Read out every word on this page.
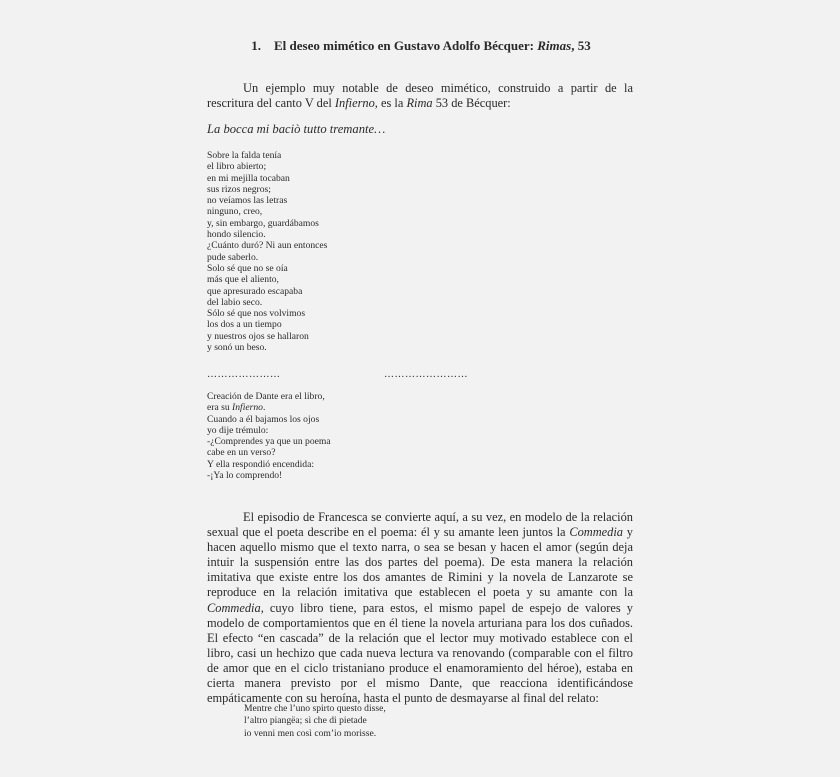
1. El deseo mimético en Gustavo Adolfo Bécquer: Rimas, 53

Un ejemplo muy notable de deseo mimético, construido a partir de la rescritura del canto V del Infierno, es la Rima 53 de Bécquer:

La bocca mi baciò tutto tremante…
Sobre la falda tenía
el libro abierto;
en mi mejilla tocaban
sus rizos negros;
no veíamos las letras
ninguno, creo,
y, sin embargo, guardábamos
hondo silencio.
¿Cuánto duró? Ni aun entonces
pude saberlo.
Solo sé que no se oía
más que el aliento,
que apresurado escapaba
del labio seco.
Sólo sé que nos volvimos
los dos a un tiempo
y nuestros ojos se hallaron
y sonó un beso.
…………………	……………………
Creación de Dante era el libro,
era su Infierno.
Cuando a él bajamos los ojos
yo dije trémulo:
-¿Comprendes ya que un poema
cabe en un verso?
Y ella respondió encendida:
-¡Ya lo comprendo!

El episodio de Francesca se convierte aquí, a su vez, en modelo de la relación sexual que el poeta describe en el poema: él y su amante leen juntos la Commedia y hacen aquello mismo que el texto narra, o sea se besan y hacen el amor (según deja intuir la suspensión entre las dos partes del poema). De esta manera la relación imitativa que existe entre los dos amantes de Rimini y la novela de Lanzarote se reproduce en la relación imitativa que establecen el poeta y su amante con la Commedia, cuyo libro tiene, para estos, el mismo papel de espejo de valores y modelo de comportamientos que en él tiene la novela arturiana para los dos cuñados. El efecto “en cascada” de la relación que el lector muy motivado establece con el libro, casi un hechizo que cada nueva lectura va renovando (comparable con el filtro de amor que en el ciclo tristaniano produce el enamoramiento del héroe), estaba en cierta manera previsto por el mismo Dante, que reacciona identificándose empáticamente con su heroína, hasta el punto de desmayarse al final del relato:

Mentre che l’uno spirto questo disse,
l’altro piangëa; sì che di pietade
io venni men così com’io morisse.
